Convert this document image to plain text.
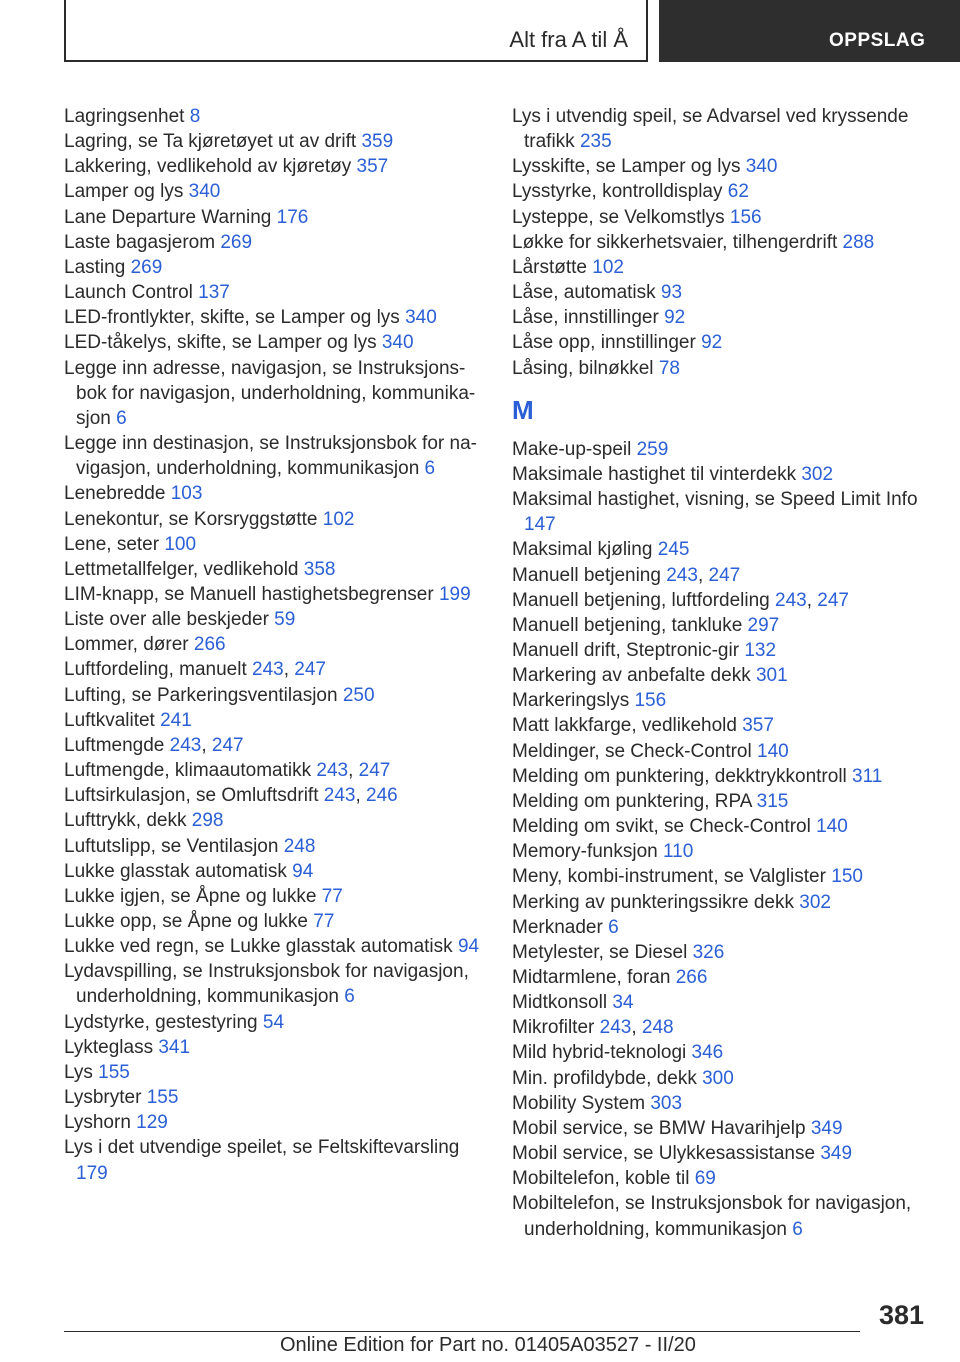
Alt fra A til Å	OPPSLAG
Lagringsenhet 8
Lagring, se Ta kjøretøyet ut av drift 359
Lakkering, vedlikehold av kjøretøy 357
Lamper og lys 340
Lane Departure Warning 176
Laste bagasjerom 269
Lasting 269
Launch Control 137
LED-frontlykter, skifte, se Lamper og lys 340
LED-tåkelys, skifte, se Lamper og lys 340
Legge inn adresse, navigasjon, se Instruksjonsbok for navigasjon, underholdning, kommunikasjon 6
Legge inn destinasjon, se Instruksjonsbok for navigasjon, underholdning, kommunikasjon 6
Lenebredde 103
Lenekontur, se Korsryggstøtte 102
Lene, seter 100
Lettmetallfelger, vedlikehold 358
LIM-knapp, se Manuell hastighetsbegrenser 199
Liste over alle beskjeder 59
Lommer, dører 266
Luftfordeling, manuelt 243, 247
Lufting, se Parkeringsventilasjon 250
Luftkvalitet 241
Luftmengde 243, 247
Luftmengde, klimaautomatikk 243, 247
Luftsirkulasjon, se Omluftsdrift 243, 246
Lufttrykk, dekk 298
Luftutslipp, se Ventilasjon 248
Lukke glasstak automatisk 94
Lukke igjen, se Åpne og lukke 77
Lukke opp, se Åpne og lukke 77
Lukke ved regn, se Lukke glasstak automatisk 94
Lydavspilling, se Instruksjonsbok for navigasjon, underholdning, kommunikasjon 6
Lydstyrke, gestestyring 54
Lykteglass 341
Lys 155
Lysbryter 155
Lyshorn 129
Lys i det utvendige speilet, se Feltskiftevarsling 179
Lys i utvendig speil, se Advarsel ved kryssende trafikk 235
Lysskifte, se Lamper og lys 340
Lysstyrke, kontrolldisplay 62
Lysteppe, se Velkomstlys 156
Løkke for sikkerhetsvaier, tilhengerdrift 288
Lårstøtte 102
Låse, automatisk 93
Låse, innstillinger 92
Låse opp, innstillinger 92
Låsing, bilnøkkel 78
M
Make-up-speil 259
Maksimale hastighet til vinterdekk 302
Maksimal hastighet, visning, se Speed Limit Info 147
Maksimal kjøling 245
Manuell betjening 243, 247
Manuell betjening, luftfordeling 243, 247
Manuell betjening, tankluke 297
Manuell drift, Steptronic-gir 132
Markering av anbefalte dekk 301
Markeringslys 156
Matt lakkfarge, vedlikehold 357
Meldinger, se Check-Control 140
Melding om punktering, dekktrykkontroll 311
Melding om punktering, RPA 315
Melding om svikt, se Check-Control 140
Memory-funksjon 110
Meny, kombi-instrument, se Valglister 150
Merking av punkteringssikre dekk 302
Merknader 6
Metylester, se Diesel 326
Midtarmlene, foran 266
Midtkonsoll 34
Mikrofilter 243, 248
Mild hybrid-teknologi 346
Min. profildybde, dekk 300
Mobility System 303
Mobil service, se BMW Havarihjelp 349
Mobil service, se Ulykkesassistanse 349
Mobiltelefon, koble til 69
Mobiltelefon, se Instruksjonsbok for navigasjon, underholdning, kommunikasjon 6
381
Online Edition for Part no. 01405A03527 - II/20
